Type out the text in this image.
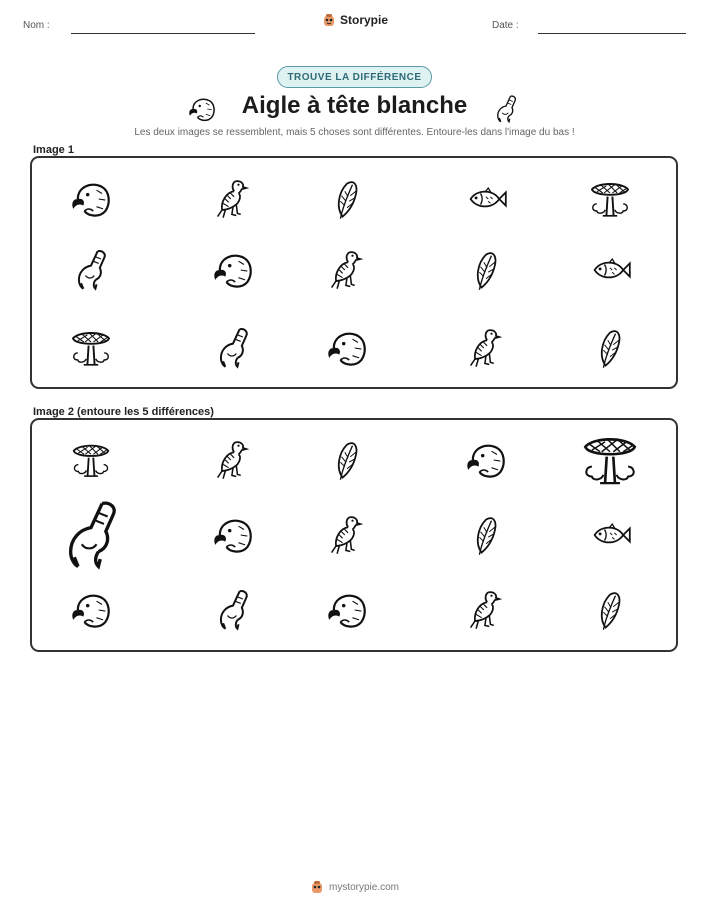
Nom :	Storypie	Date :
TROUVE LA DIFFÉRENCE
Aigle à tête blanche
Les deux images se ressemblent, mais 5 choses sont différentes. Entoure-les dans l'image du bas !
Image 1
Image 2 (entoure les 5 différences)
mystorypie.com
